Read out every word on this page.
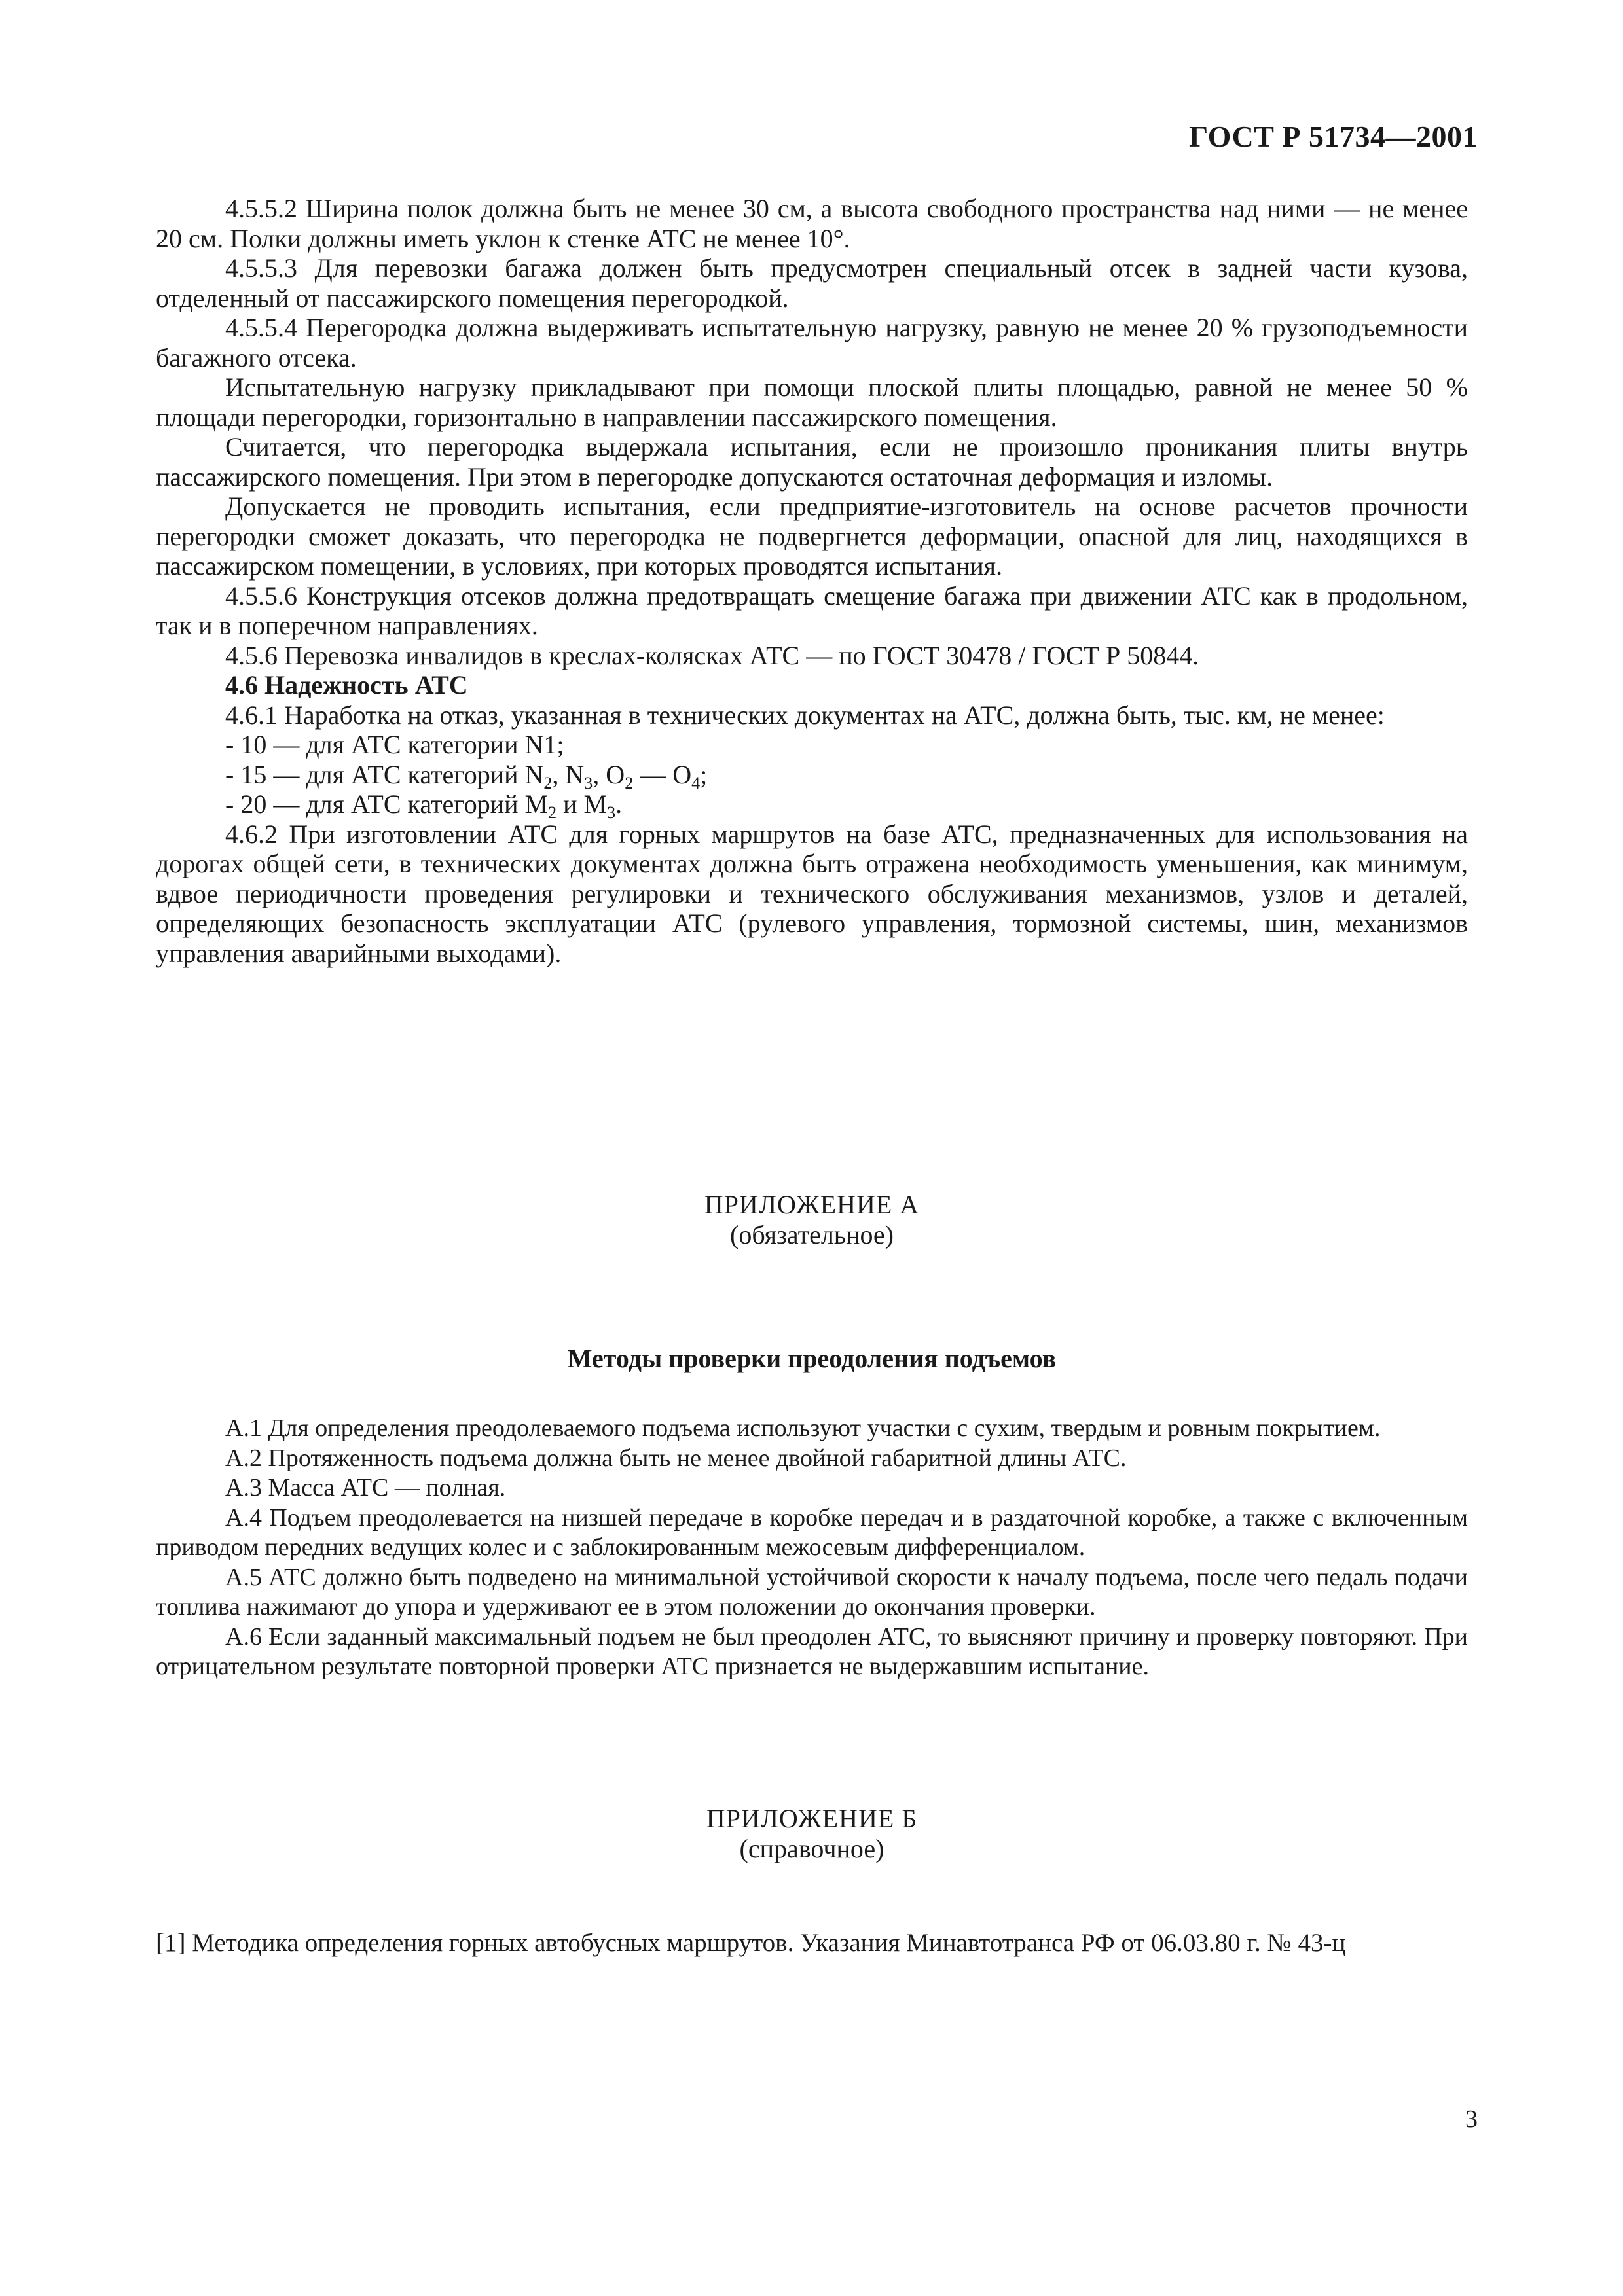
ГОСТ Р 51734—2001

4.5.5.2 Ширина полок должна быть не менее 30 см, а высота свободного пространства над ними — не менее 20 см. Полки должны иметь уклон к стенке АТС не менее 10°.

4.5.5.3 Для перевозки багажа должен быть предусмотрен специальный отсек в задней части кузова, отделенный от пассажирского помещения перегородкой.

4.5.5.4 Перегородка должна выдерживать испытательную нагрузку, равную не менее 20 % грузоподъемности багажного отсека.

Испытательную нагрузку прикладывают при помощи плоской плиты площадью, равной не менее 50 % площади перегородки, горизонтально в направлении пассажирского помещения.

Считается, что перегородка выдержала испытания, если не произошло проникания плиты внутрь пассажирского помещения. При этом в перегородке допускаются остаточная деформация и изломы.

Допускается не проводить испытания, если предприятие-изготовитель на основе расчетов прочности перегородки сможет доказать, что перегородка не подвергнется деформации, опасной для лиц, находящихся в пассажирском помещении, в условиях, при которых проводятся испытания.

4.5.5.6 Конструкция отсеков должна предотвращать смещение багажа при движении АТС как в продольном, так и в поперечном направлениях.

4.5.6 Перевозка инвалидов в креслах-колясках АТС — по ГОСТ 30478 / ГОСТ Р 50844.

4.6 Надежность АТС

4.6.1 Наработка на отказ, указанная в технических документах на АТС, должна быть, тыс. км, не менее:

- 10 — для АТС категории N1;

- 15 — для АТС категорий $N_2$, $N_3$, $O_2$ — $O_4$;

- 20 — для АТС категорий $M_2$ и $M_3$.

4.6.2 При изготовлении АТС для горных маршрутов на базе АТС, предназначенных для использования на дорогах общей сети, в технических документах должна быть отражена необходимость уменьшения, как минимум, вдвое периодичности проведения регулировки и технического обслуживания механизмов, узлов и деталей, определяющих безопасность эксплуатации АТС (рулевого управления, тормозной системы, шин, механизмов управления аварийными выходами).

ПРИЛОЖЕНИЕ А
(обязательное)
Методы проверки преодоления подъемов

А.1 Для определения преодолеваемого подъема используют участки с сухим, твердым и ровным покрытием.

А.2 Протяженность подъема должна быть не менее двойной габаритной длины АТС.

А.3 Масса АТС — полная.

А.4 Подъем преодолевается на низшей передаче в коробке передач и в раздаточной коробке, а также с включенным приводом передних ведущих колес и с заблокированным межосевым дифференциалом.

А.5 АТС должно быть подведено на минимальной устойчивой скорости к началу подъема, после чего педаль подачи топлива нажимают до упора и удерживают ее в этом положении до окончания проверки.

А.6 Если заданный максимальный подъем не был преодолен АТС, то выясняют причину и проверку повторяют. При отрицательном результате повторной проверки АТС признается не выдержавшим испытание.

ПРИЛОЖЕНИЕ Б
(справочное)
[1] Методика определения горных автобусных маршрутов. Указания Минавтотранса РФ от 06.03.80 г. № 43-ц
3
